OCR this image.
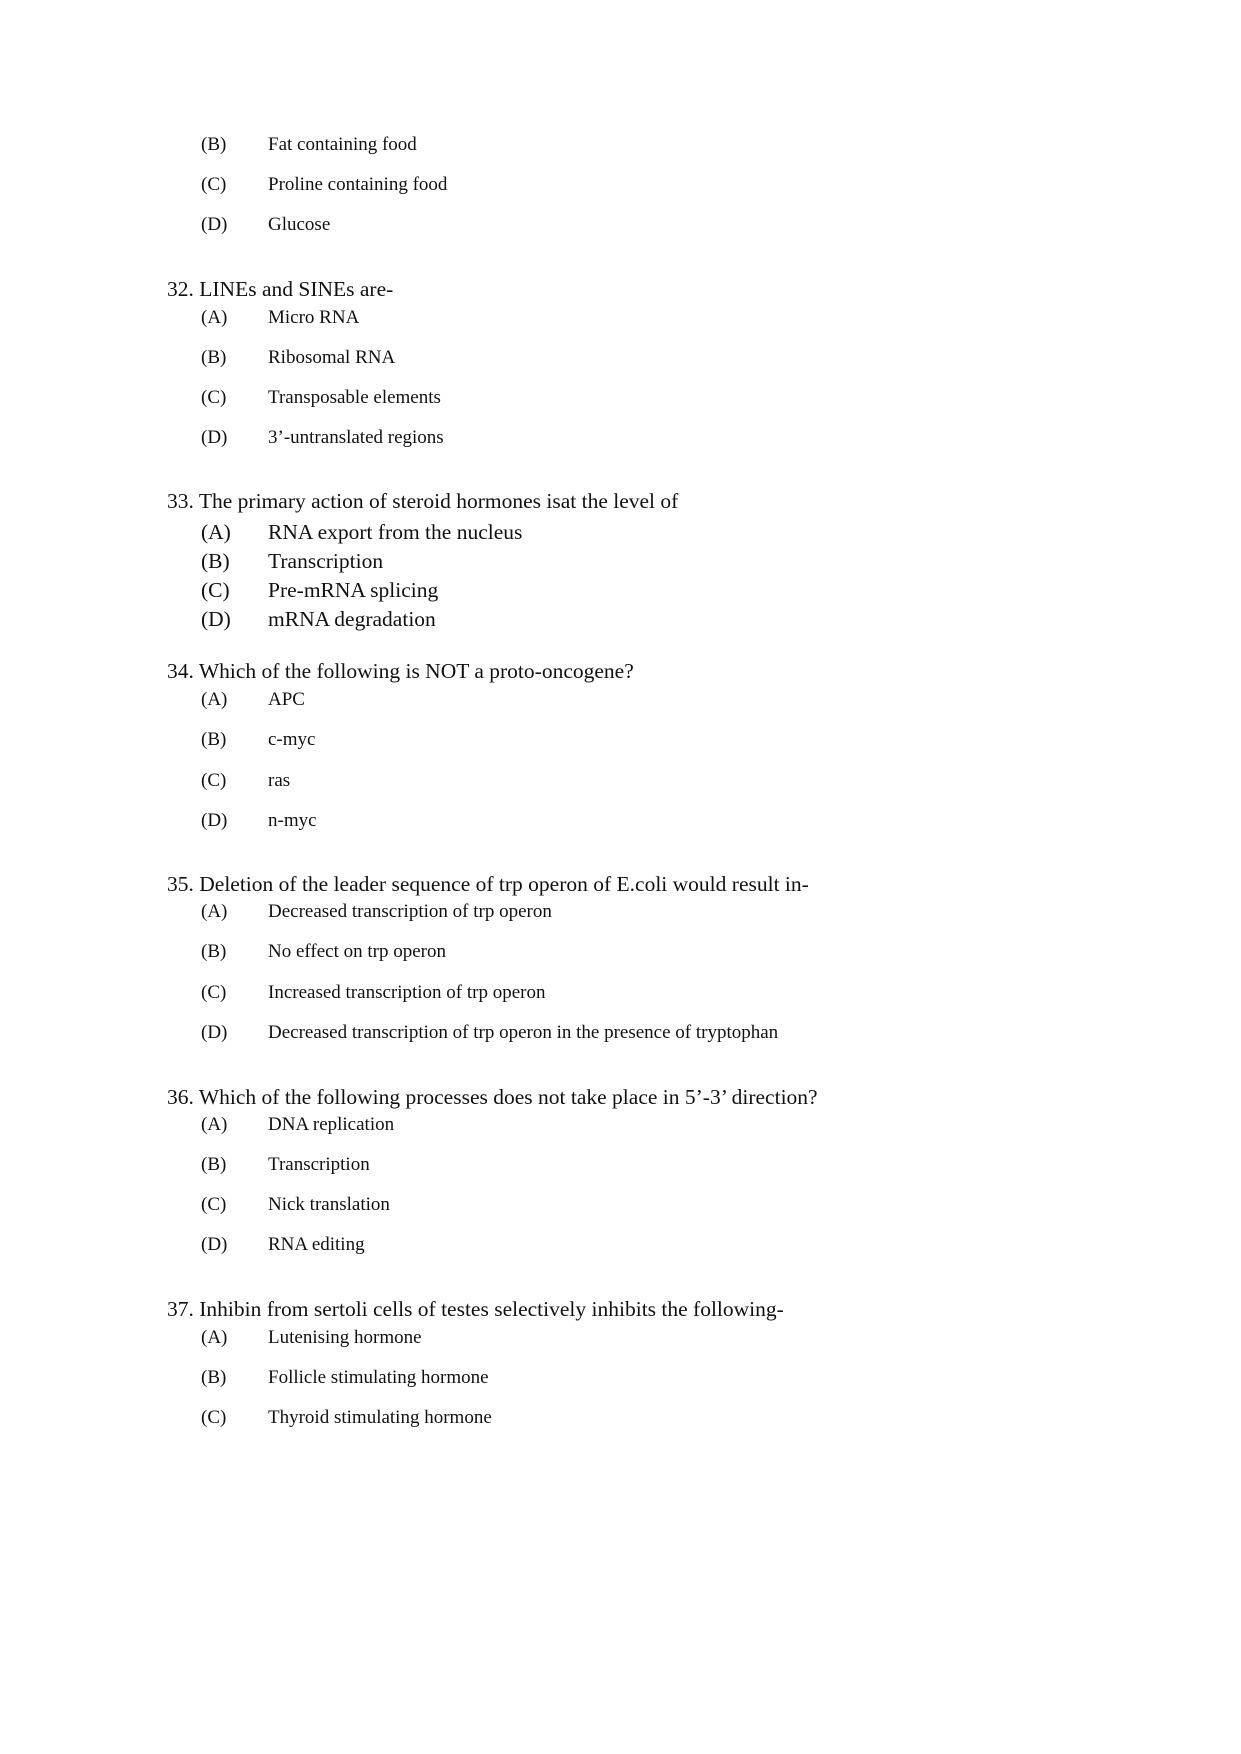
(B) Fat containing food
(C) Proline containing food
(D) Glucose
32. LINEs and SINEs are-
(A) Micro RNA
(B) Ribosomal RNA
(C) Transposable elements
(D) 3’-untranslated regions
33. The primary action of steroid hormones isat the level of
(A) RNA export from the nucleus
(B) Transcription
(C) Pre-mRNA splicing
(D) mRNA degradation
34. Which of the following is NOT a proto-oncogene?
(A) APC
(B) c-myc
(C) ras
(D) n-myc
35. Deletion of the leader sequence of trp operon of E.coli would result in-
(A) Decreased transcription of trp operon
(B) No effect on trp operon
(C) Increased transcription of trp operon
(D) Decreased transcription of trp operon in the presence of tryptophan
36. Which of the following processes does not take place in 5’-3’ direction?
(A) DNA replication
(B) Transcription
(C) Nick translation
(D) RNA editing
37. Inhibin from sertoli cells of testes selectively inhibits the following-
(A) Lutenising hormone
(B) Follicle stimulating hormone
(C) Thyroid stimulating hormone
